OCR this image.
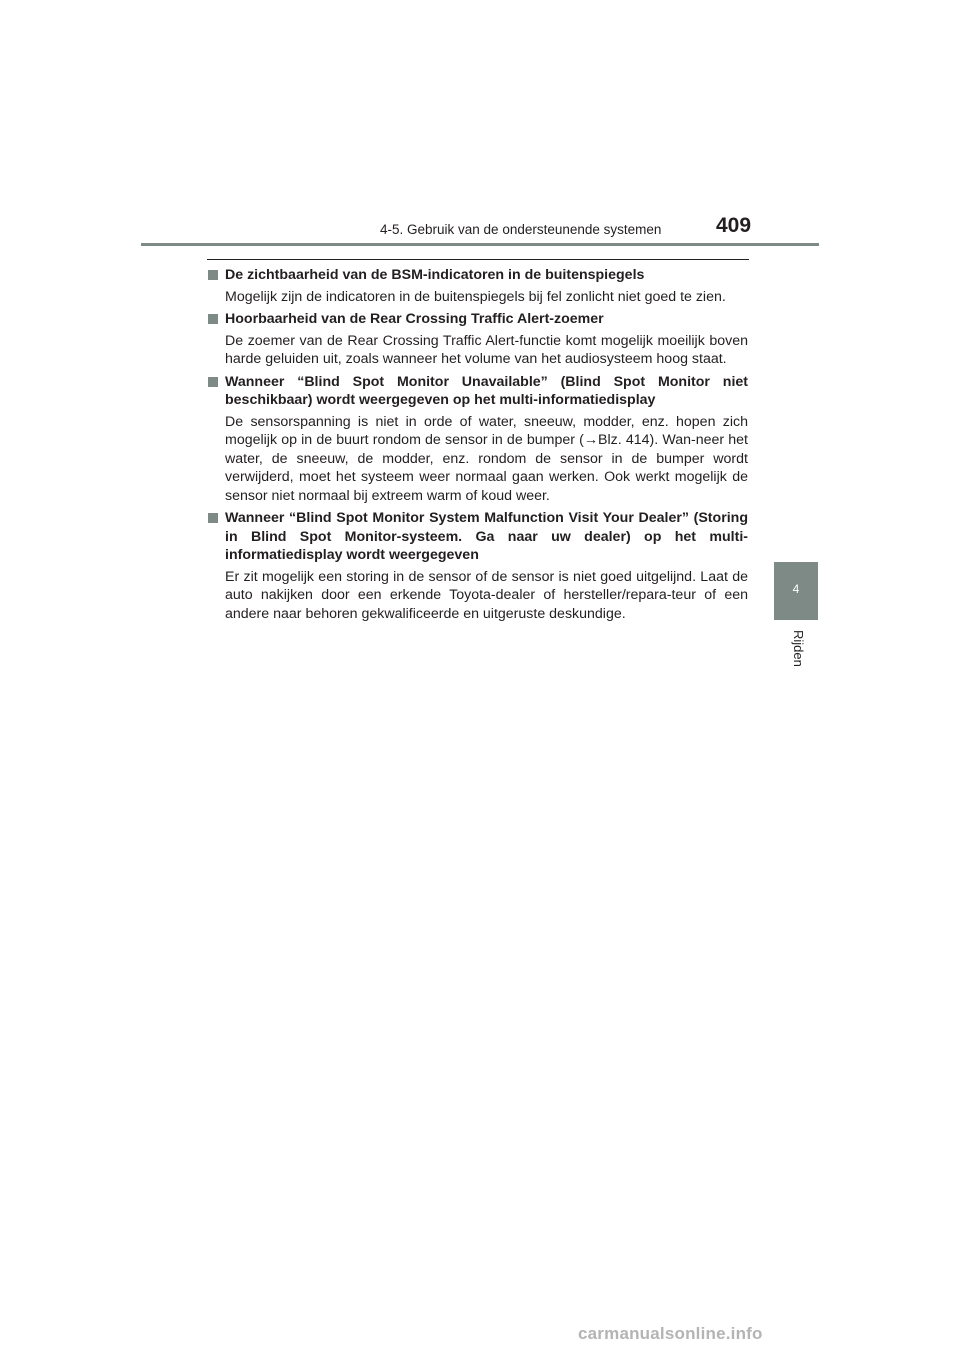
4-5. Gebruik van de ondersteunende systemen	409
4
Rijden
De zichtbaarheid van de BSM-indicatoren in de buitenspiegels
Mogelijk zijn de indicatoren in de buitenspiegels bij fel zonlicht niet goed te zien.
Hoorbaarheid van de Rear Crossing Traffic Alert-zoemer
De zoemer van de Rear Crossing Traffic Alert-functie komt mogelijk moeilijk boven harde geluiden uit, zoals wanneer het volume van het audiosysteem hoog staat.
Wanneer “Blind Spot Monitor Unavailable” (Blind Spot Monitor niet beschikbaar) wordt weergegeven op het multi-informatiedisplay
De sensorspanning is niet in orde of water, sneeuw, modder, enz. hopen zich mogelijk op in de buurt rondom de sensor in de bumper (→Blz. 414). Wan-neer het water, de sneeuw, de modder, enz. rondom de sensor in de bumper wordt verwijderd, moet het systeem weer normaal gaan werken. Ook werkt mogelijk de sensor niet normaal bij extreem warm of koud weer.
Wanneer “Blind Spot Monitor System Malfunction Visit Your Dealer” (Storing in Blind Spot Monitor-systeem. Ga naar uw dealer) op het multi-informatiedisplay wordt weergegeven
Er zit mogelijk een storing in de sensor of de sensor is niet goed uitgelijnd. Laat de auto nakijken door een erkende Toyota-dealer of hersteller/repara-teur of een andere naar behoren gekwalificeerde en uitgeruste deskundige.
carmanualsonline.info
